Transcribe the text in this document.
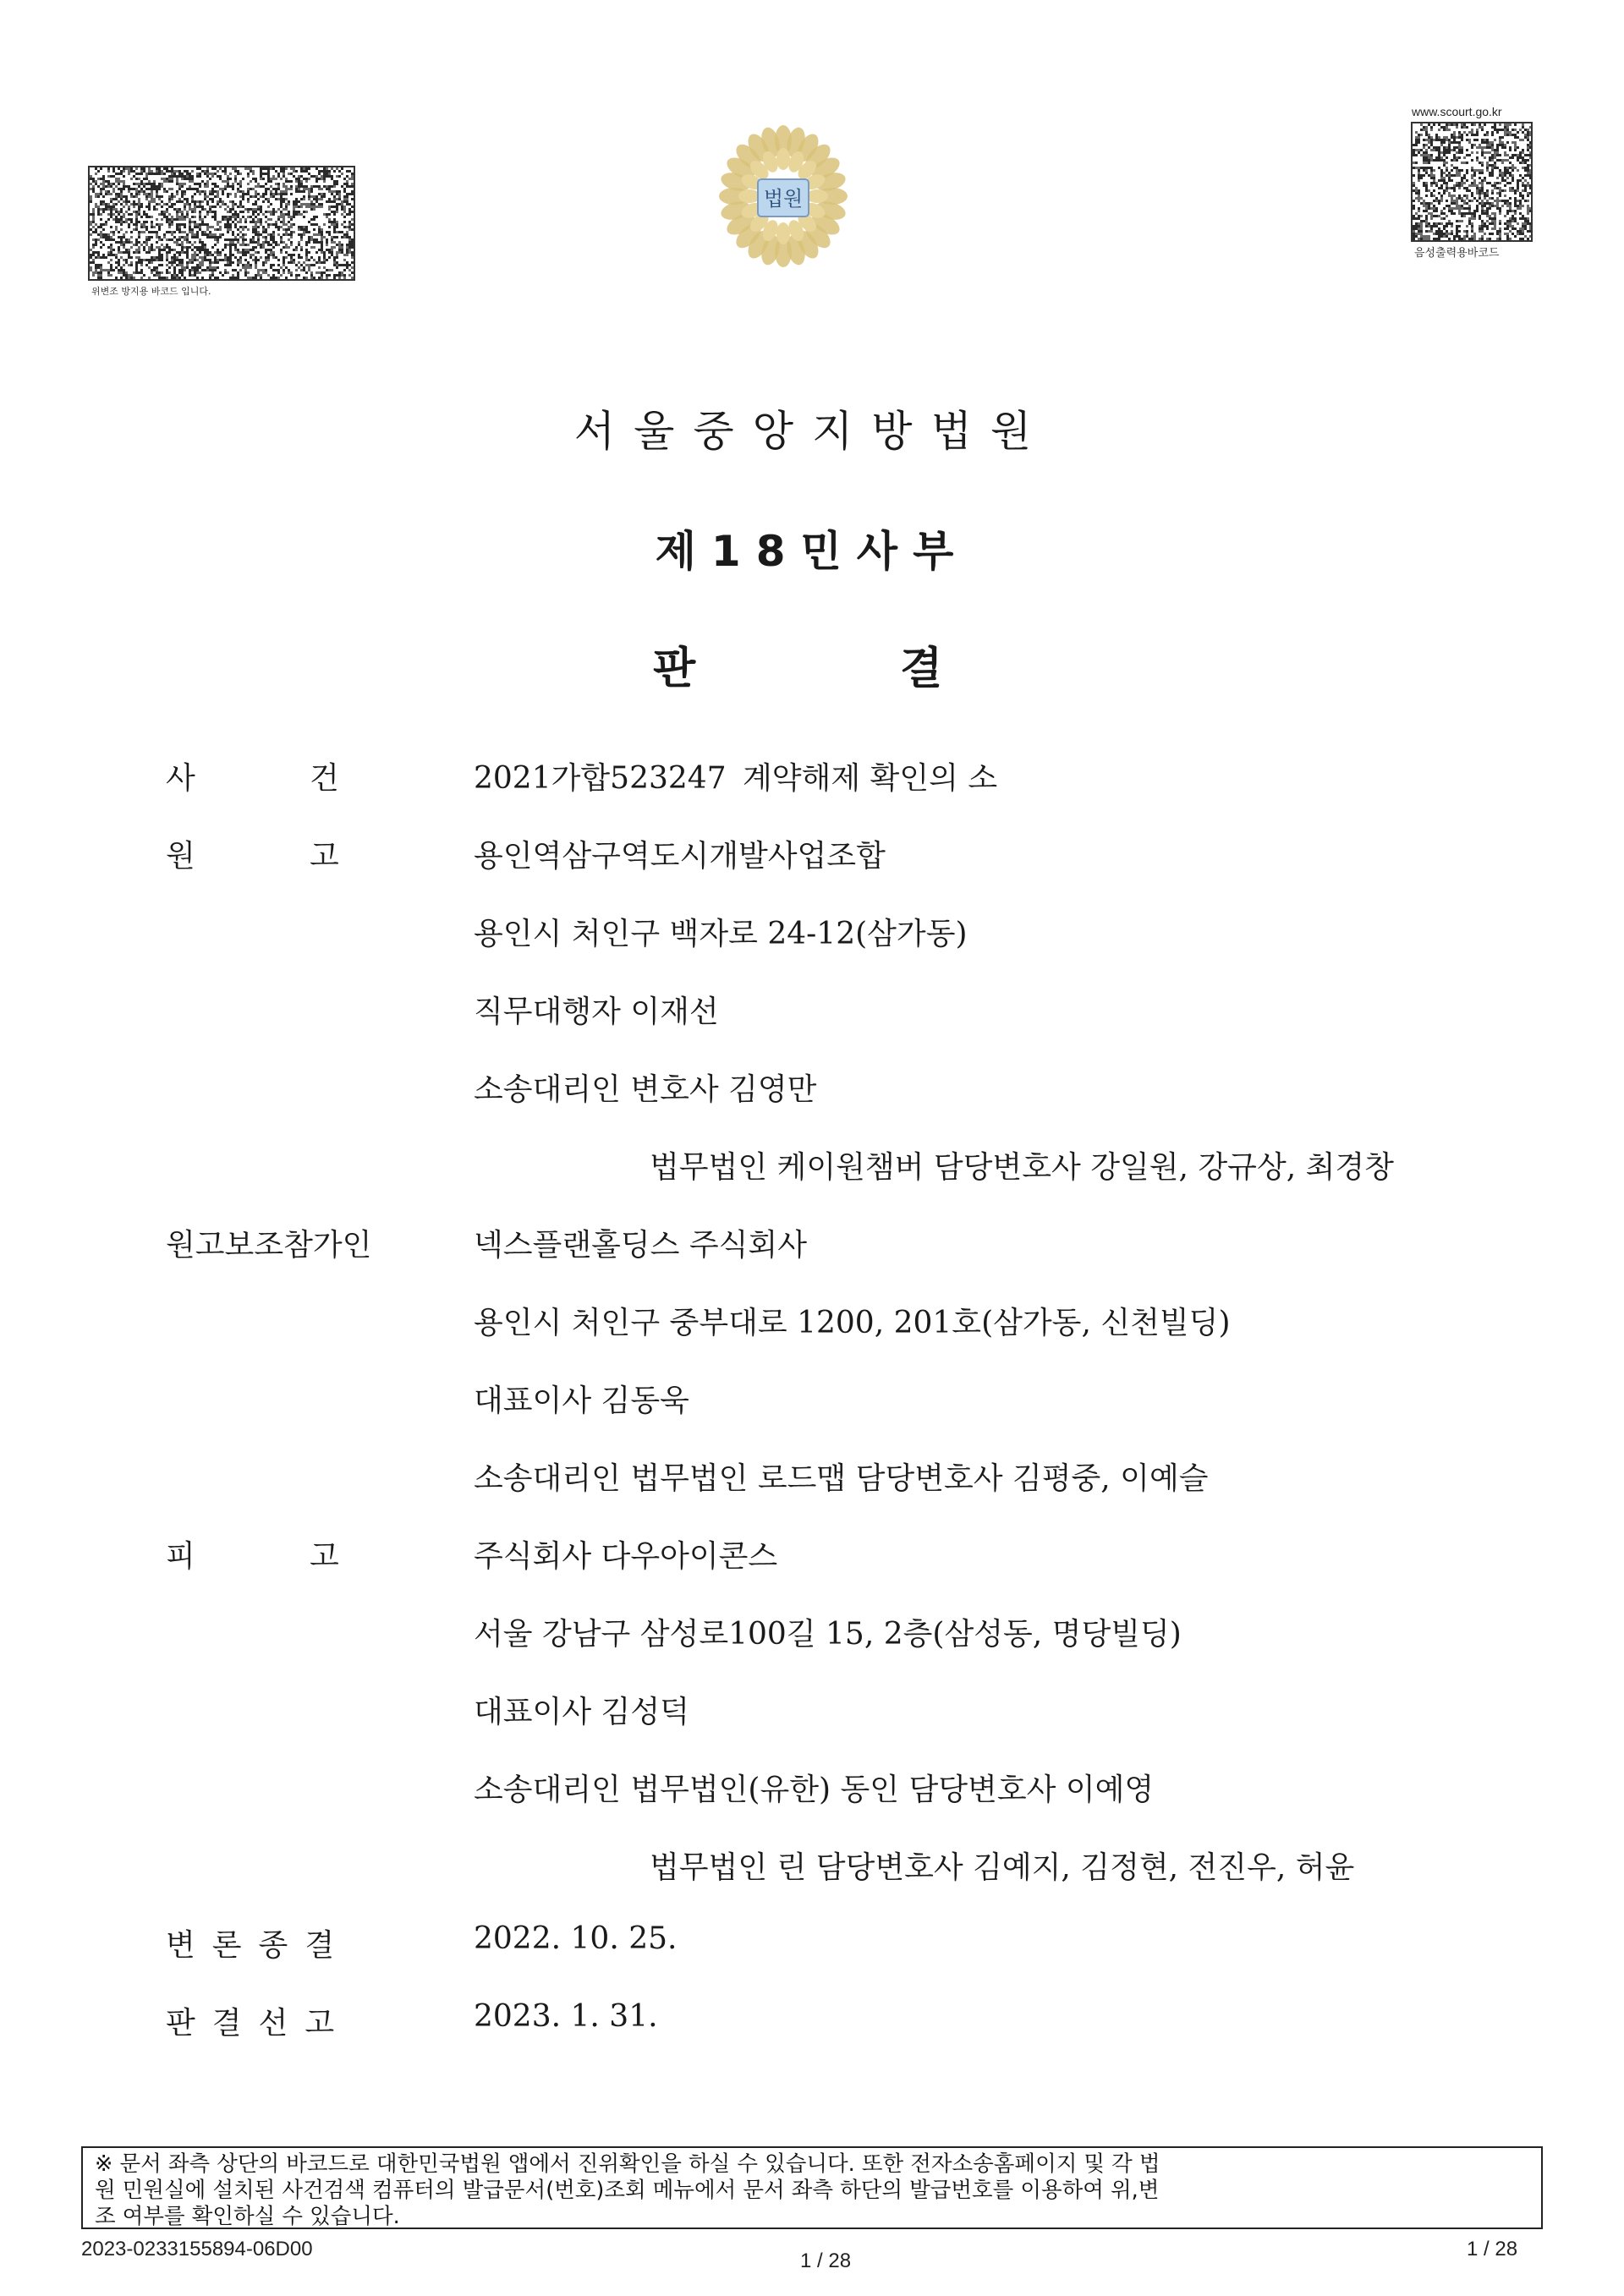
위변조 방지용 바코드 입니다.
법원
www.scourt.go.kr
음성출력용바코드
서울중앙지방법원
제18민사부
판	결
사	건	2021가합523247 계약해제 확인의 소
원	고	용인역삼구역도시개발사업조합
용인시 처인구 백자로 24-12(삼가동)
직무대행자 이재선
소송대리인 변호사 김영만
법무법인 케이원챔버 담당변호사 강일원, 강규상, 최경창
원고보조참가인	넥스플랜홀딩스 주식회사
용인시 처인구 중부대로 1200, 201호(삼가동, 신천빌딩)
대표이사 김동욱
소송대리인 법무법인 로드맵 담당변호사 김평중, 이예슬
피	고	주식회사 다우아이콘스
서울 강남구 삼성로100길 15, 2층(삼성동, 명당빌딩)
대표이사 김성덕
소송대리인 법무법인(유한) 동인 담당변호사 이예영
법무법인 린 담당변호사 김예지, 김정현, 전진우, 허윤
변론종결	2022. 10. 25.
판결선고	2023. 1. 31.

※ 문서 좌측 상단의 바코드로 대한민국법원 앱에서 진위확인을 하실 수 있습니다. 또한 전자소송홈페이지 및 각 법

원 민원실에 설치된 사건검색 컴퓨터의 발급문서(번호)조회 메뉴에서 문서 좌측 하단의 발급번호를 이용하여 위,변

조 여부를 확인하실 수 있습니다.

2023-0233155894-06D00
1 / 28
1 / 28
